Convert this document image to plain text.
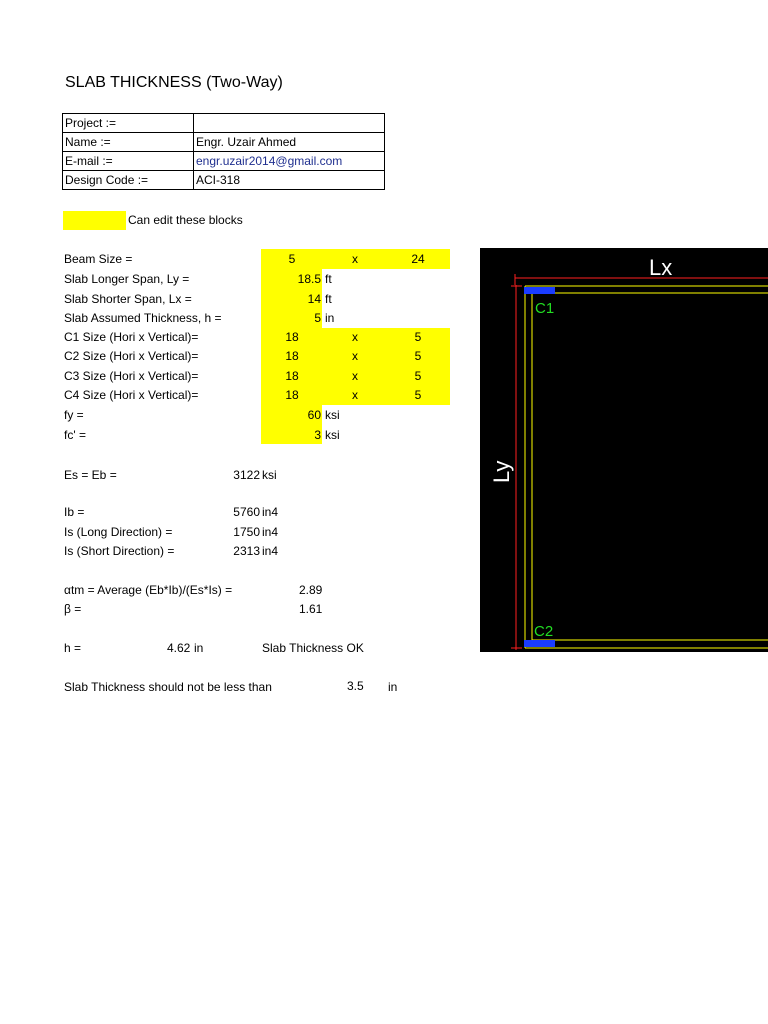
SLAB THICKNESS (Two-Way)
Project :=	
Name :=	Engr. Uzair Ahmed
E-mail :=	engr.uzair2014@gmail.com
Design Code :=	ACI-318
Can edit these blocks
Beam Size =	5	x	24
Slab Longer Span, Ly =	18.5 ft
Slab Shorter Span, Lx =	14 ft
Slab Assumed Thickness, h =	5 in
C1 Size (Hori x Vertical)=	18	x	5
C2 Size (Hori x Vertical)=	18	x	5
C3 Size (Hori x Vertical)=	18	x	5
C4 Size (Hori x Vertical)=	18	x	5
fy =	60 ksi
fc' =	3 ksi
Es = Eb =	3122 ksi
Ib =	5760 in4
Is (Long Direction) =	1750 in4
Is (Short Direction) =	2313 in4
αtm = Average (Eb*Ib)/(Es*Is) =	2.89
β =	1.61
h =	4.62 in	Slab Thickness OK
Slab Thickness should not be less than	3.5 in
Lx
Ly
C1
C2
